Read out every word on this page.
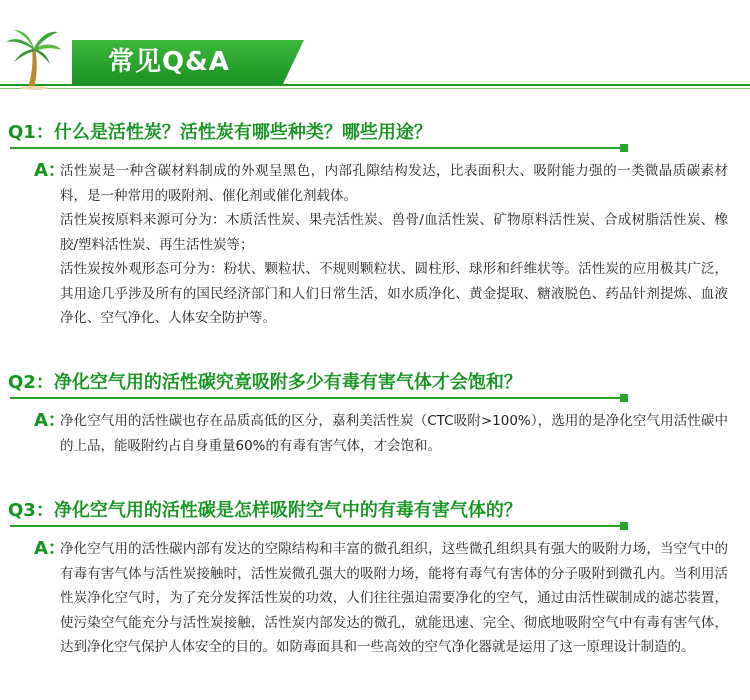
常见Q&A
Q1：什么是活性炭？活性炭有哪些种类？哪些用途？
A：

活性炭是一种含碳材料制成的外观呈黑色，内部孔隙结构发达，比表面积大、吸附能力强的一类微晶质碳素材料，是一种常用的吸附剂、催化剂或催化剂载体。

活性炭按原料来源可分为：木质活性炭、果壳活性炭、兽骨/血活性炭、矿物原料活性炭、合成树脂活性炭、橡胶/塑料活性炭、再生活性炭等；

活性炭按外观形态可分为：粉状、颗粒状、不规则颗粒状、圆柱形、球形和纤维状等。活性炭的应用极其广泛，其用途几乎涉及所有的国民经济部门和人们日常生活，如水质净化、黄金提取、糖液脱色、药品针剂提炼、血液净化、空气净化、人体安全防护等。

Q2：净化空气用的活性碳究竟吸附多少有毒有害气体才会饱和？
A：

净化空气用的活性碳也存在品质高低的区分，嘉利美活性炭（CTC吸附>100%），选用的是净化空气用活性碳中的上品，能吸附约占自身重量60%的有毒有害气体，才会饱和。

Q3：净化空气用的活性碳是怎样吸附空气中的有毒有害气体的？
A：

净化空气用的活性碳内部有发达的空隙结构和丰富的微孔组织，这些微孔组织具有强大的吸附力场，当空气中的有毒有害气体与活性炭接触时，活性炭微孔强大的吸附力场，能将有毒气有害体的分子吸附到微孔内。当利用活性炭净化空气时，为了充分发挥活性炭的功效，人们往往强迫需要净化的空气，通过由活性碳制成的滤芯装置，使污染空气能充分与活性炭接触，活性炭内部发达的微孔，就能迅速、完全、彻底地吸附空气中有毒有害气体，达到净化空气保护人体安全的目的。如防毒面具和一些高效的空气净化器就是运用了这一原理设计制造的。
